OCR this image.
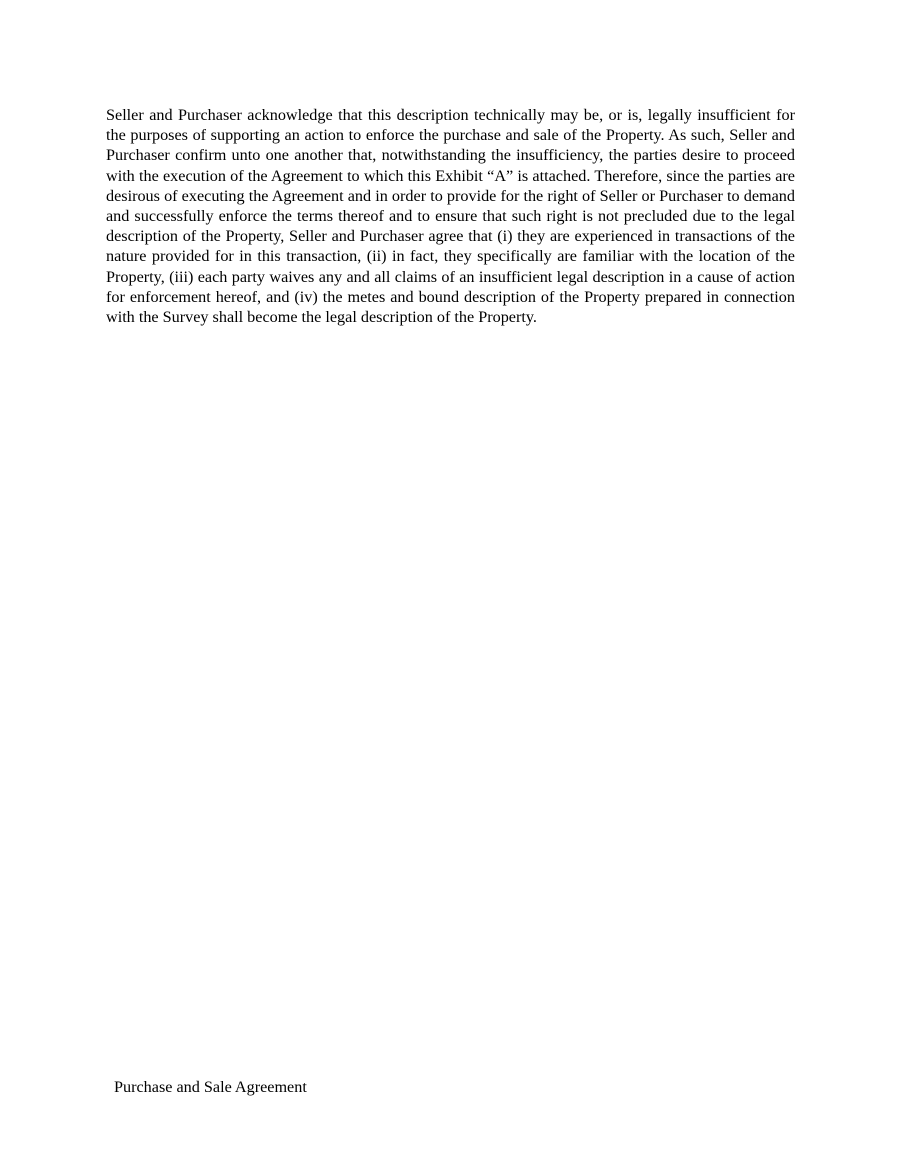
Seller and Purchaser acknowledge that this description technically may be, or is, legally insufficient for the purposes of supporting an action to enforce the purchase and sale of the Property. As such, Seller and Purchaser confirm unto one another that, notwithstanding the insufficiency, the parties desire to proceed with the execution of the Agreement to which this Exhibit “A” is attached. Therefore, since the parties are desirous of executing the Agreement and in order to provide for the right of Seller or Purchaser to demand and successfully enforce the terms thereof and to ensure that such right is not precluded due to the legal description of the Property, Seller and Purchaser agree that (i) they are experienced in transactions of the nature provided for in this transaction, (ii) in fact, they specifically are familiar with the location of the Property, (iii) each party waives any and all claims of an insufficient legal description in a cause of action for enforcement hereof, and (iv) the metes and bound description of the Property prepared in connection with the Survey shall become the legal description of the Property.

Purchase and Sale Agreement
